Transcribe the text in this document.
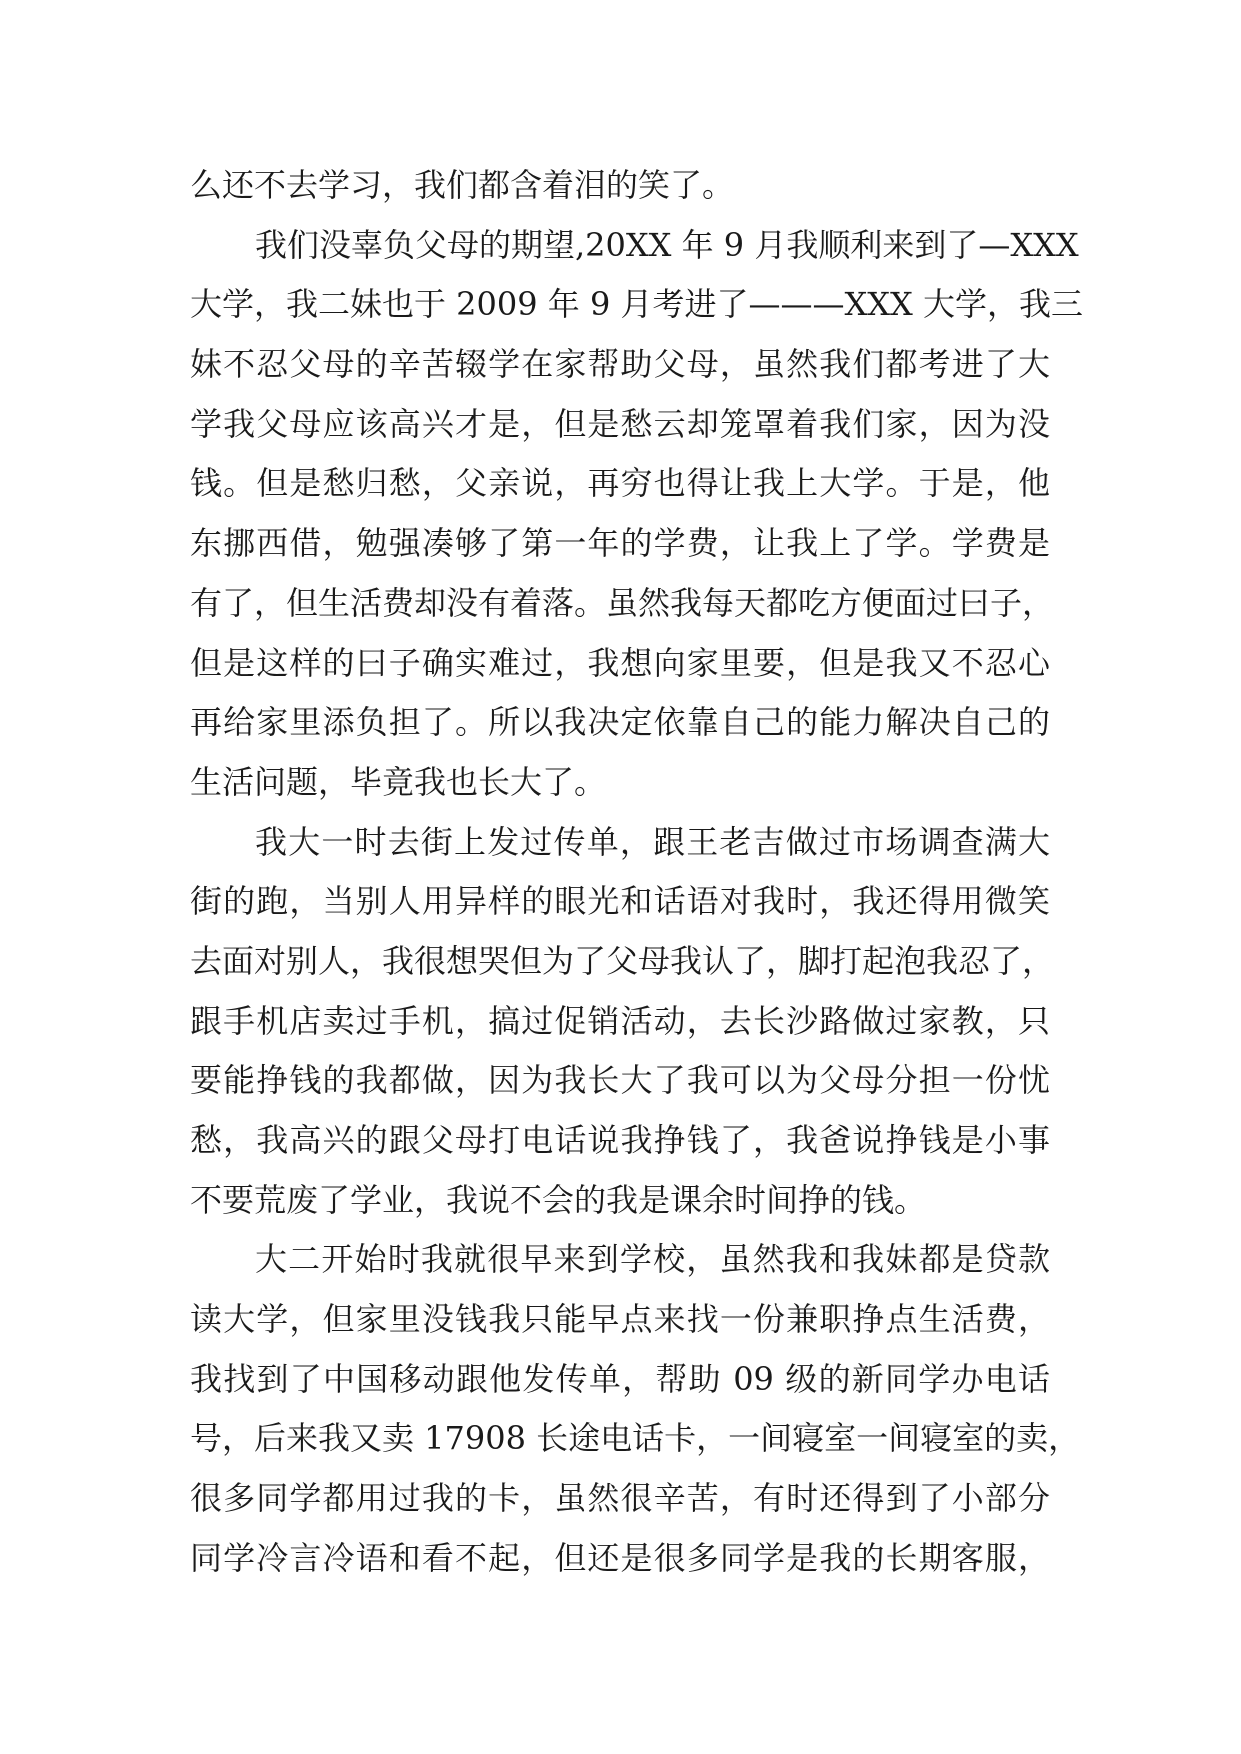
么还不去学习，我们都含着泪的笑了。
我们没辜负父母的期望,20XX 年 9 月我顺利来到了—XXX
大学，我二妹也于 2009 年 9 月考进了———XXX 大学，我三
妹不忍父母的辛苦辍学在家帮助父母，虽然我们都考进了大
学我父母应该高兴才是，但是愁云却笼罩着我们家，因为没
钱。但是愁归愁，父亲说，再穷也得让我上大学。于是，他
东挪西借，勉强凑够了第一年的学费，让我上了学。学费是
有了，但生活费却没有着落。虽然我每天都吃方便面过曰子，
但是这样的曰子确实难过，我想向家里要，但是我又不忍心
再给家里添负担了。所以我决定依靠自己的能力解决自己的
生活问题，毕竟我也长大了。
我大一时去街上发过传单，跟王老吉做过市场调查满大
街的跑，当别人用异样的眼光和话语对我时，我还得用微笑
去面对别人，我很想哭但为了父母我认了，脚打起泡我忍了，
跟手机店卖过手机，搞过促销活动，去长沙路做过家教，只
要能挣钱的我都做，因为我长大了我可以为父母分担一份忧
愁，我高兴的跟父母打电话说我挣钱了，我爸说挣钱是小事
不要荒废了学业，我说不会的我是课余时间挣的钱。
大二开始时我就很早来到学校，虽然我和我妹都是贷款
读大学，但家里没钱我只能早点来找一份兼职挣点生活费，
我找到了中国移动跟他发传单，帮助 09 级的新同学办电话
号，后来我又卖 17908 长途电话卡，一间寝室一间寝室的卖，
很多同学都用过我的卡，虽然很辛苦，有时还得到了小部分
同学冷言冷语和看不起，但还是很多同学是我的长期客服，
